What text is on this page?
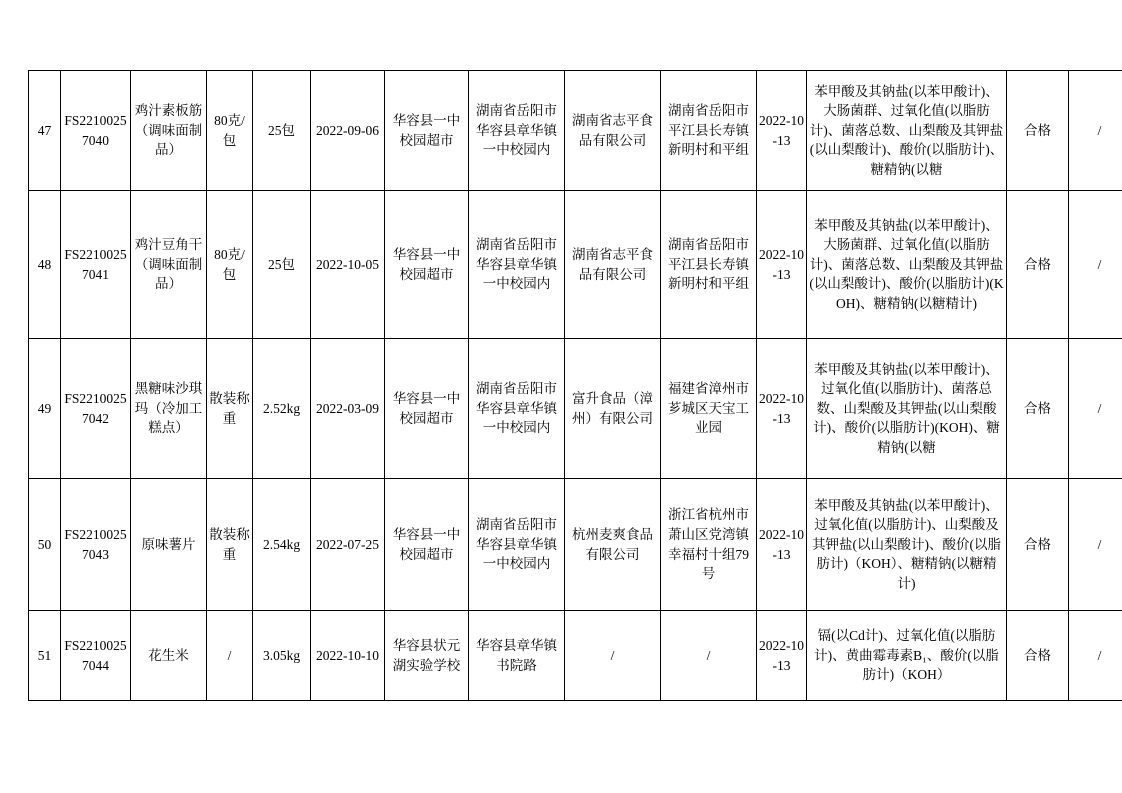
47	FS22100257040	鸡汁素板筋（调味面制品）	80克/包	25包	2022-09-06	华容县一中校园超市	湖南省岳阳市华容县章华镇一中校园内	湖南省志平食品有限公司	湖南省岳阳市平江县长寿镇新明村和平组	2022-10-13	苯甲酸及其钠盐(以苯甲酸计)、大肠菌群、过氧化值(以脂肪计)、菌落总数、山梨酸及其钾盐(以山梨酸计)、酸价(以脂肪计)、糖精钠(以糖	合格	/
48	FS22100257041	鸡汁豆角干（调味面制品）	80克/包	25包	2022-10-05	华容县一中校园超市	湖南省岳阳市华容县章华镇一中校园内	湖南省志平食品有限公司	湖南省岳阳市平江县长寿镇新明村和平组	2022-10-13	苯甲酸及其钠盐(以苯甲酸计)、大肠菌群、过氧化值(以脂肪计)、菌落总数、山梨酸及其钾盐(以山梨酸计)、酸价(以脂肪计)(KOH)、糖精钠(以糖精计)	合格	/
49	FS22100257042	黑糖味沙琪玛（冷加工糕点）	散装称重	2.52kg	2022-03-09	华容县一中校园超市	湖南省岳阳市华容县章华镇一中校园内	富升食品（漳州）有限公司	福建省漳州市芗城区天宝工业园	2022-10-13	苯甲酸及其钠盐(以苯甲酸计)、过氧化值(以脂肪计)、菌落总数、山梨酸及其钾盐(以山梨酸计)、酸价(以脂肪计)(KOH)、糖精钠(以糖	合格	/
50	FS22100257043	原味薯片	散装称重	2.54kg	2022-07-25	华容县一中校园超市	湖南省岳阳市华容县章华镇一中校园内	杭州麦爽食品有限公司	浙江省杭州市萧山区党湾镇幸福村十组79号	2022-10-13	苯甲酸及其钠盐(以苯甲酸计)、过氧化值(以脂肪计)、山梨酸及其钾盐(以山梨酸计)、酸价(以脂肪计)（KOH）、糖精钠(以糖精计)	合格	/
51	FS22100257044	花生米	/	3.05kg	2022-10-10	华容县状元湖实验学校	华容县章华镇书院路	/	/	2022-10-13	镉(以Cd计)、过氧化值(以脂肪计)、黄曲霉毒素B₁、酸价(以脂肪计)（KOH）	合格	/
